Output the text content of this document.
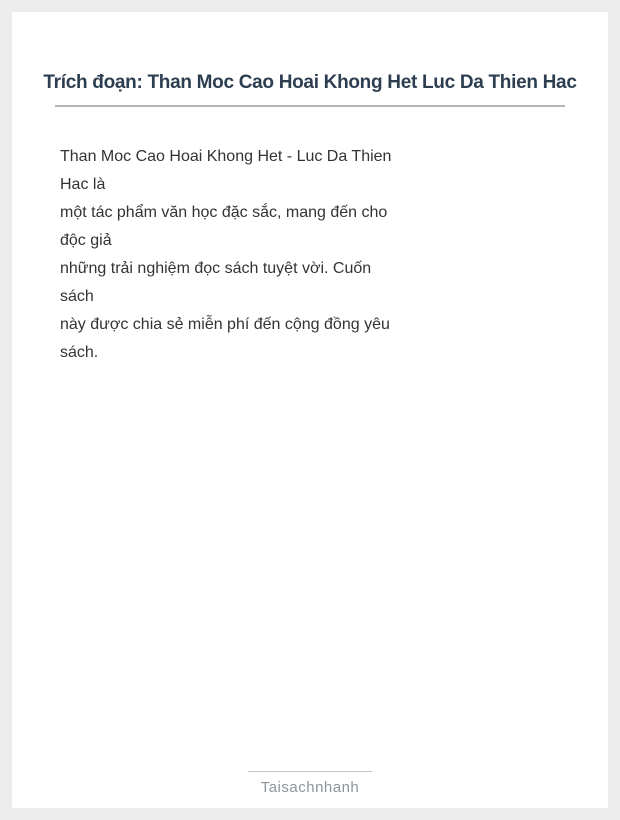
Trích đoạn: Than Moc Cao Hoai Khong Het Luc Da Thien Hac
Than Moc Cao Hoai Khong Het - Luc Da Thien
Hac là
một tác phẩm văn học đặc sắc, mang đến cho
độc giả
những trải nghiệm đọc sách tuyệt vời. Cuốn
sách
này được chia sẻ miễn phí đến cộng đồng yêu
sách.
Taisachnhanh
